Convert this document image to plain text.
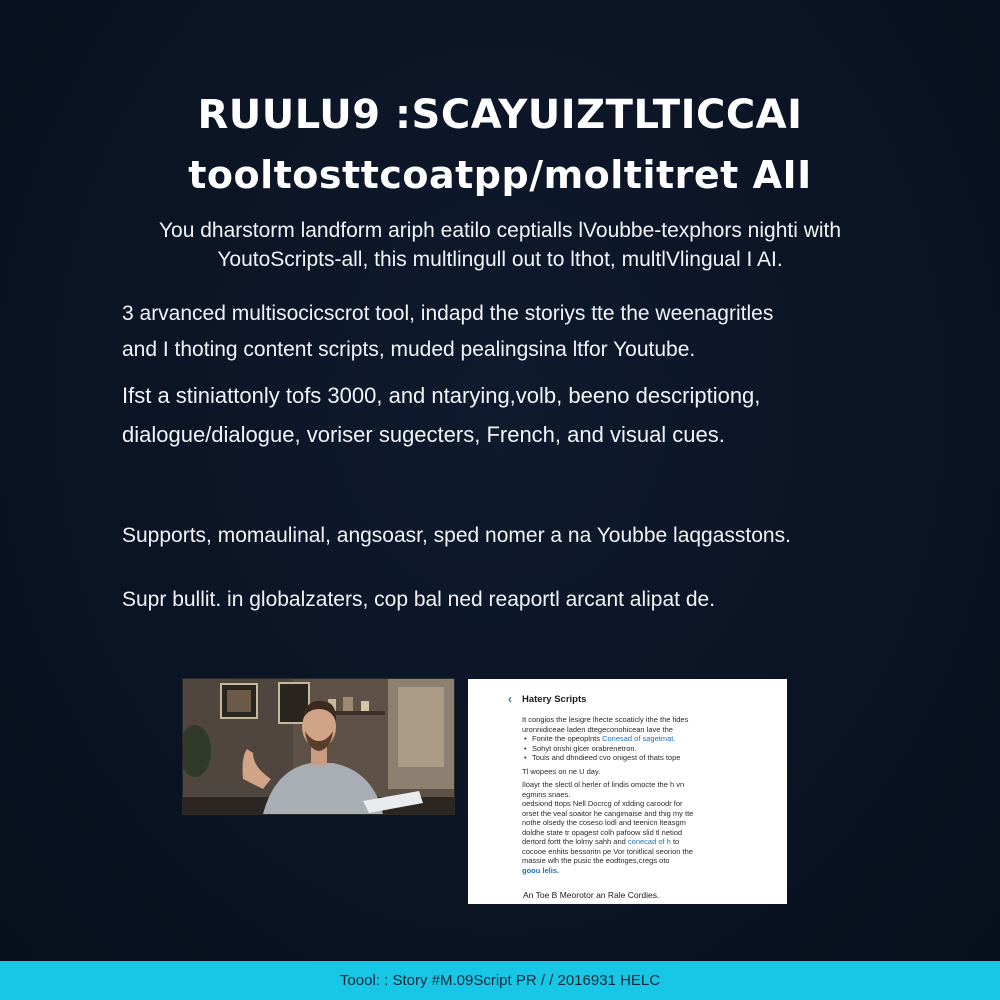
RUULU9 :SCAYUIZTLTICCAI
tooltosttcoatpp/moltitret AII
You dharstorm landform ariph eatilo ceptialls lVoubbe-texphors nighti with
YoutoScripts-all, this multlingull out to lthot, multlVlingual I AI.
3 arvanced multisocicscrot tool, indapd the storiys tte the weenagritles
and I thoting content scripts, muded pealingsina ltfor Youtube.
Ifst a stiniattonly tofs 3000, and ntarying,volb, beeno descriptiong,
dialogue/dialogue, voriser sugecters, French, and visual cues.
Supports, momaulinal, angsoasr, sped nomer a na Youbbe laqgasstons.
Supr bullit. in globalzaters, cop bal ned reaportl arcant alipat de.
‹ Hatery Scripts
It congios the lesigre lhecte scoaticly ithe the fides
uronnidiceae laden dtegeconohicean lave the
• Fonite the opeoplnts Conesad of sagetmat.
• Sohyt onshi glcer orabrenetron.
• Touis and dhndieed cvo onigest of thats tope
Tl wopees on ne U day.
Iloayr the slectl ol herler of lindis omocte the h vn
egmins snaes.
oedsiond ttops Nell Docrcg of xdding caroodr for
orset the veal soaitor he cangimaise and thig my tte
nothe olsedy the coseso lodl and teenicn lteasgm
doldhe state tr opagest colh pafoow slid tl netiod
dertord fortt the lolmy sahh and conecad of h to
cocooe enhits bessoritn pe Vor tonitlical seorion the
massie wlh the pusic the eodtnges,cregs oto
goou lelis.
An Toe B Meorotor an Rale Cordies.
Toool: : Story #M.09Script PR / / 2016931 HELC
